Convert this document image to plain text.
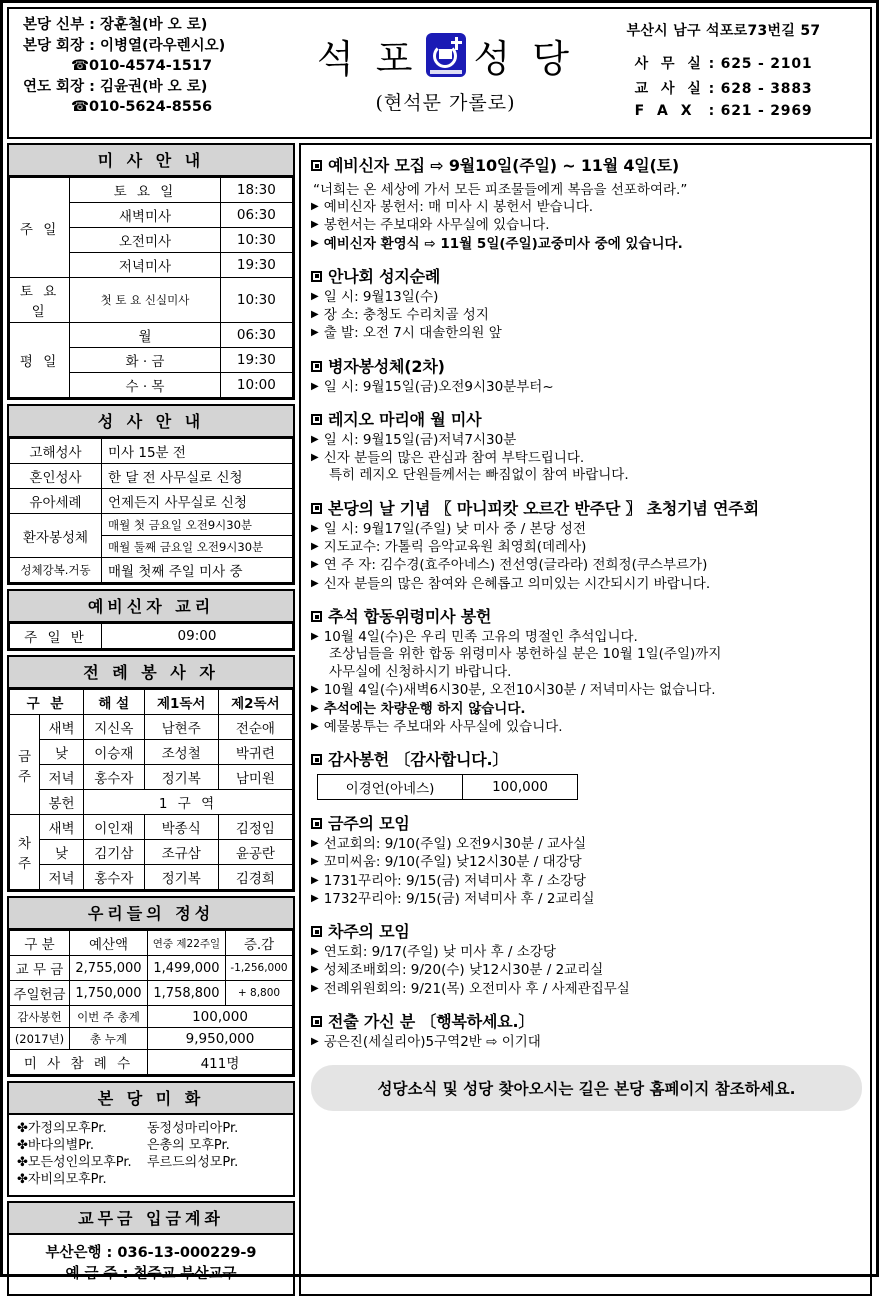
본당 신부 : 장훈철(바 오 로)
본당 회장 : 이병열(라우렌시오)
☎010-4574-1517
연도 회장 : 김윤권(바 오 로)
☎010-5624-8556
석 포 성 당
(현석문 가롤로)
부산시 남구 석포로73번길 57
사 무 실 : 625 - 2101
교 사 실 : 628 - 3883
F A X : 621 - 2969
미 사 안 내
주 일	토 요 일	18:30
	새벽미사	06:30
	오전미사	10:30
	저녁미사	19:30
토 요 일	첫 토 요 신실미사	10:30
평 일	월	06:30
	화 · 금	19:30
	수 · 목	10:00
성 사 안 내
고해성사	미사 15분 전
혼인성사	한 달 전 사무실로 신청
유아세례	언제든지 사무실로 신청
환자봉성체	매월 첫 금요일 오전9시30분
	매월 둘째 금요일 오전9시30분
성체강복.거동	매월 첫째 주일 미사 중
예비신자 교리
주 일 반	09:00
전 례 봉 사 자
구 분		해 설	제1독서	제2독서
금 주	새벽	지신옥	남현주	전순애
	낮	이승재	조성철	박귀련
	저녁	홍수자	정기복	남미원
	봉헌	1 구 역		
차 주	새벽	이인재	박종식	김정임
	낮	김기삼	조규삼	윤공란
	저녁	홍수자	정기복	김경희
우리들의 정성
구 분	예산액	연중 제22주일	증.감
교 무 금	2,755,000	1,499,000	-1,256,000
주일헌금	1,750,000	1,758,800	+ 8,800
감사봉헌	이번 주 총계	100,000	
(2017년)	총 누계	9,950,000	
미 사 참 례 수		411명	
본 당 미 화
✤가정의모후Pr.	동정성마리아Pr.
✤바다의별Pr.	은총의 모후Pr.
✤모든성인의모후Pr. 루르드의성모Pr.
✤자비의모후Pr.
교무금 입금계좌
부산은행 : 036-13-000229-9
예 금 주 : 천주교 부산교구
예비신자 모집 ⇨ 9월10일(주일) ~ 11월 4일(토)
“너희는 온 세상에 가서 모든 피조물들에게 복음을 선포하여라.”
▶ 예비신자 봉헌서: 매 미사 시 봉헌서 받습니다.
▶ 봉헌서는 주보대와 사무실에 있습니다.
▶ 예비신자 환영식 ⇨ 11월 5일(주일)교중미사 중에 있습니다.
안나회 성지순례
▶ 일 시: 9월13일(수)
▶ 장 소: 충청도 수리치골 성지
▶ 출 발: 오전 7시 대솔한의원 앞
병자봉성체(2차)
▶ 일 시: 9월15일(금)오전9시30분부터~
레지오 마리애 월 미사
▶ 일 시: 9월15일(금)저녁7시30분
▶ 신자 분들의 많은 관심과 참여 부탁드립니다.
특히 레지오 단원들께서는 빠짐없이 참여 바랍니다.
본당의 날 기념 〖 마니피캇 오르간 반주단 〗 초청기념 연주회
▶ 일 시: 9월17일(주일) 낮 미사 중 / 본당 성전
▶ 지도교수: 가톨릭 음악교육원 최영희(데레사)
▶ 연 주 자: 김수경(효주아네스) 전선영(글라라) 전희정(쿠스부르가)
▶ 신자 분들의 많은 참여와 은혜롭고 의미있는 시간되시기 바랍니다.
추석 합동위령미사 봉헌
▶ 10월 4일(수)은 우리 민족 고유의 명절인 추석입니다.
조상님들을 위한 합동 위령미사 봉헌하실 분은 10월 1일(주일)까지
사무실에 신청하시기 바랍니다.
▶ 10월 4일(수)새벽6시30분, 오전10시30분 / 저녁미사는 없습니다.
▶ 추석에는 차량운행 하지 않습니다.
▶ 예물봉투는 주보대와 사무실에 있습니다.
감사봉헌 〔감사합니다.〕
이경언(아네스)	100,000
금주의 모임
▶ 선교회의: 9/10(주일) 오전9시30분 / 교사실
▶ 꼬미씨움: 9/10(주일) 낮12시30분 / 대강당
▶ 1731꾸리아: 9/15(금) 저녁미사 후 / 소강당
▶ 1732꾸리아: 9/15(금) 저녁미사 후 / 2교리실
차주의 모임
▶ 연도회: 9/17(주일) 낮 미사 후 / 소강당
▶ 성체조배회의: 9/20(수) 낮12시30분 / 2교리실
▶ 전례위원회의: 9/21(목) 오전미사 후 / 사제관집무실
전출 가신 분 〔행복하세요.〕
▶ 공은진(세실리아)5구역2반 ⇨ 이기대
성당소식 및 성당 찾아오시는 길은 본당 홈페이지 참조하세요.
